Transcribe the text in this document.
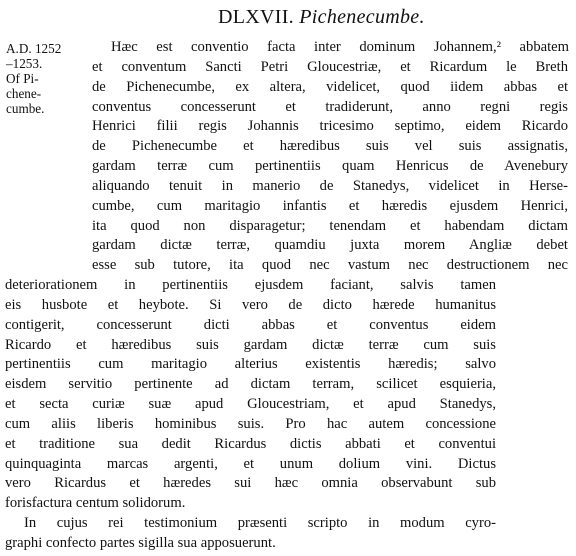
DLXVII. Pichenecumbe.
A.D. 1252
–1253.
Of Pi-
chene-
cumbe.
Hæc est conventio facta inter dominum Johannem,² abbatem
et conventum Sancti Petri Gloucestriæ, et Ricardum le Breth
de Pichenecumbe, ex altera, videlicet, quod iidem abbas et
conventus concesserunt et tradiderunt, anno regni regis
Henrici filii regis Johannis tricesimo septimo, eidem Ricardo
de Pichenecumbe et hæredibus suis vel suis assignatis,
gardam terræ cum pertinentiis quam Henricus de Avenebury
aliquando tenuit in manerio de Stanedys, videlicet in Herse-
cumbe, cum maritagio infantis et hæredis ejusdem Henrici,
ita quod non disparagetur; tenendam et habendam dictam
gardam dictæ terræ, quamdiu juxta morem Angliæ debet
esse sub tutore, ita quod nec vastum nec destructionem nec
deteriorationem in pertinentiis ejusdem faciant, salvis tamen
eis husbote et heybote. Si vero de dicto hærede humanitus
contigerit, concesserunt dicti abbas et conventus eidem
Ricardo et hæredibus suis gardam dictæ terræ cum suis
pertinentiis cum maritagio alterius existentis hæredis; salvo
eisdem servitio pertinente ad dictam terram, scilicet esquieria,
et secta curiæ suæ apud Gloucestriam, et apud Stanedys,
cum aliis liberis hominibus suis. Pro hac autem concessione
et traditione sua dedit Ricardus dictis abbati et conventui
quinquaginta marcas argenti, et unum dolium vini. Dictus
vero Ricardus et hæredes sui hæc omnia observabunt sub
forisfactura centum solidorum.
In cujus rei testimonium præsenti scripto in modum cyro-
graphi confecto partes sigilla sua apposuerunt.
